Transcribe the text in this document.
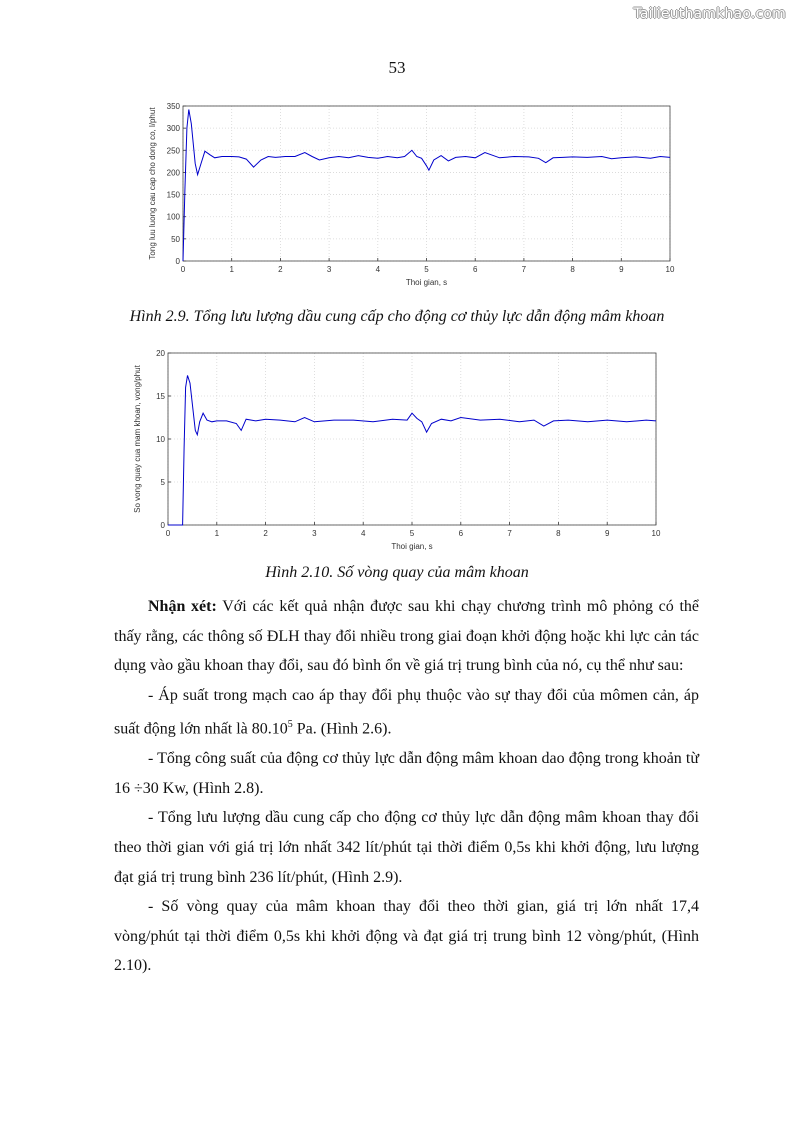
Tailieuthamkhao.com
53
0	1	2	3	4	5	6	7	8	9	10
0
50
100
150
200
250
300
350
Thoi gian, s
Tong luu luong cau cap cho dong co, l/phut
Hình 2.9. Tổng lưu lượng dầu cung cấp cho động cơ thủy lực dẫn động mâm khoan
0	1	2	3	4	5	6	7	8	9	10
0
5
10
15
20
Thoi gian, s
So vong quay cua mam khoan, vong/phut
Hình 2.10. Số vòng quay của mâm khoan

Nhận xét: Với các kết quả nhận được sau khi chạy chương trình mô phỏng có thể thấy rằng, các thông số ĐLH thay đổi nhiều trong giai đoạn khởi động hoặc khi lực cản tác dụng vào gầu khoan thay đổi, sau đó bình ổn về giá trị trung bình của nó, cụ thể như sau:

- Áp suất trong mạch cao áp thay đổi phụ thuộc vào sự thay đổi của mômen cản, áp suất động lớn nhất là 80.10$^5$ Pa. (Hình 2.6).

- Tổng công suất của động cơ thủy lực dẫn động mâm khoan dao động trong khoản từ 16 ÷30 Kw, (Hình 2.8).

- Tổng lưu lượng dầu cung cấp cho động cơ thủy lực dẫn động mâm khoan thay đổi theo thời gian với giá trị lớn nhất 342 lít/phút tại thời điểm 0,5s khi khởi động, lưu lượng đạt giá trị trung bình 236 lít/phút, (Hình 2.9).

- Số vòng quay của mâm khoan thay đổi theo thời gian, giá trị lớn nhất 17,4 vòng/phút tại thời điểm 0,5s khi khởi động và đạt giá trị trung bình 12 vòng/phút, (Hình 2.10).
